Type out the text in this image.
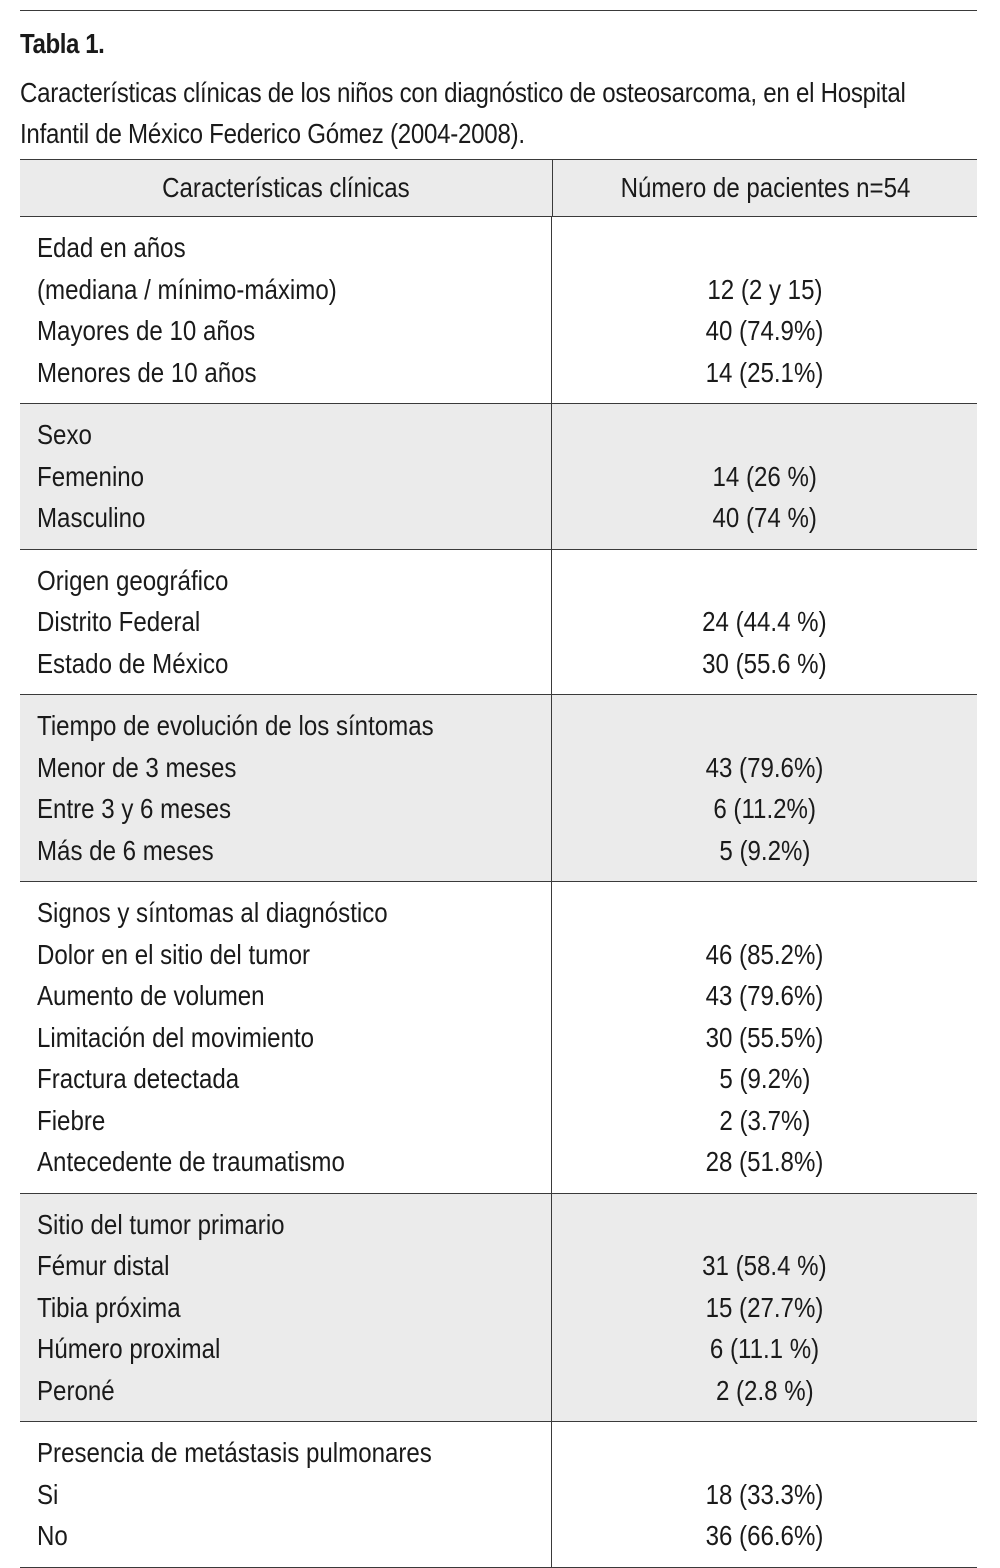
Tabla 1.
Características clínicas de los niños con diagnóstico de osteosarcoma, en el Hospital
Infantil de México Federico Gómez (2004-2008).
Características clínicas	Número de pacientes n=54
Edad en años
(mediana / mínimo-máximo)
Mayores de 10 años
Menores de 10 años
12 (2 y 15)
40 (74.9%)
14 (25.1%)
Sexo
Femenino
Masculino
14 (26 %)
40 (74 %)
Origen geográfico
Distrito Federal
Estado de México
24 (44.4 %)
30 (55.6 %)
Tiempo de evolución de los síntomas
Menor de 3 meses
Entre 3 y 6 meses
Más de 6 meses
43 (79.6%)
6 (11.2%)
5 (9.2%)
Signos y síntomas al diagnóstico
Dolor en el sitio del tumor
Aumento de volumen
Limitación del movimiento
Fractura detectada
Fiebre
Antecedente de traumatismo
46 (85.2%)
43 (79.6%)
30 (55.5%)
5 (9.2%)
2 (3.7%)
28 (51.8%)
Sitio del tumor primario
Fémur distal
Tibia próxima
Húmero proximal
Peroné
31 (58.4 %)
15 (27.7%)
6 (11.1 %)
2 (2.8 %)
Presencia de metástasis pulmonares
Si
No
18 (33.3%)
36 (66.6%)
